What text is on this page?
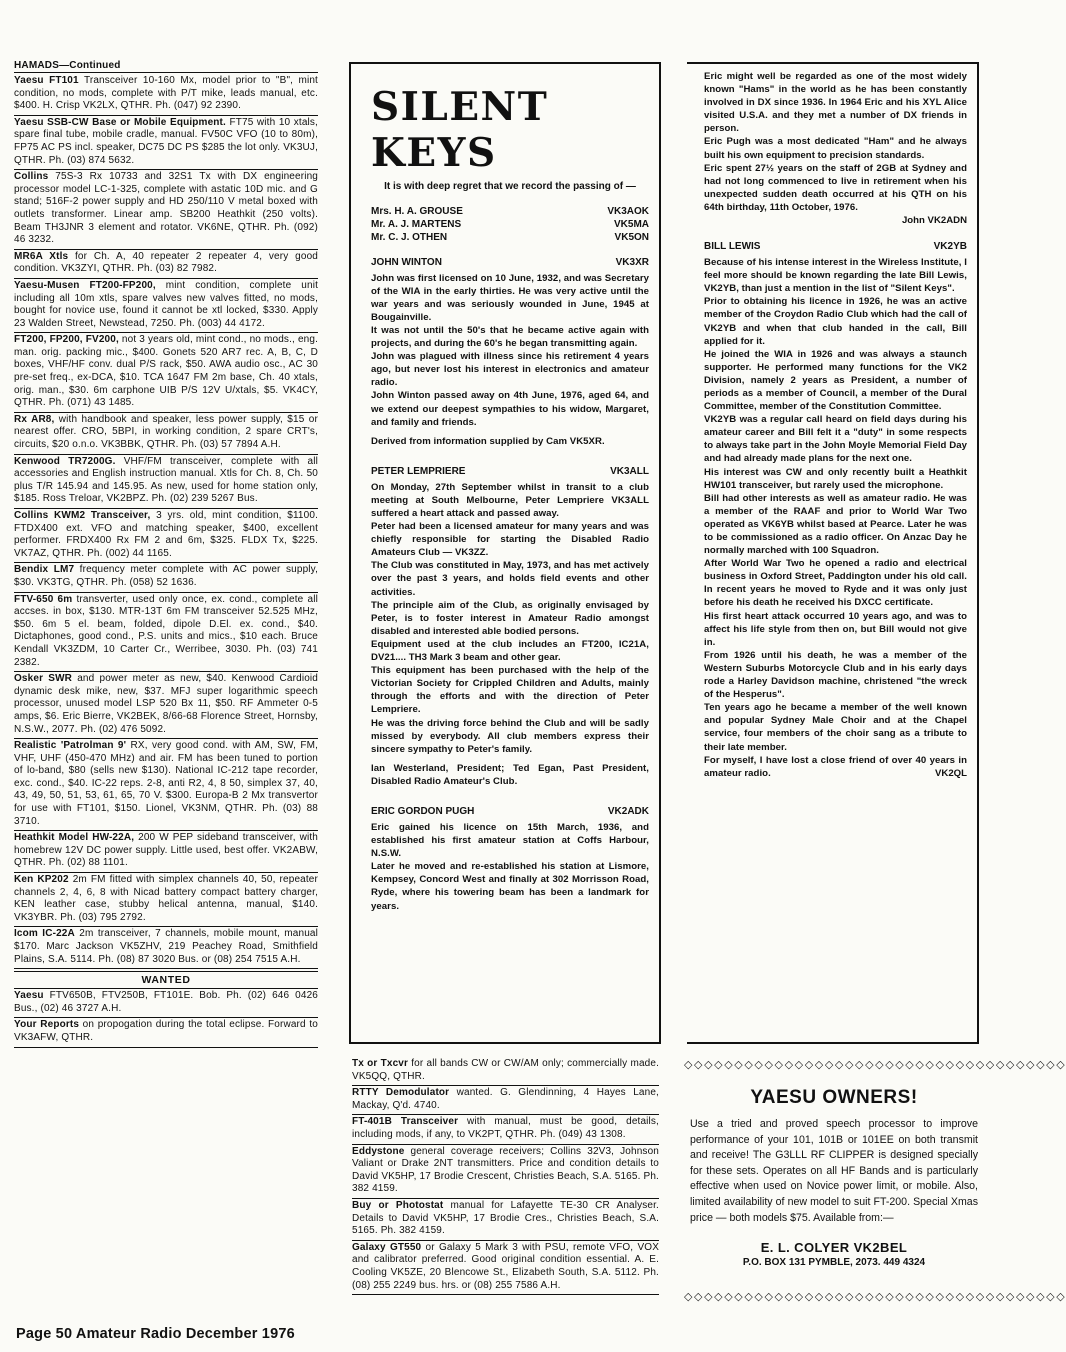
HAMADS—Continued
Yaesu FT101 Transceiver 10-160 Mx, model prior to "B", mint condition, no mods, complete with P/T mike, leads manual, etc. $400. H. Crisp VK2LX, QTHR. Ph. (047) 92 2390.
Yaesu SSB-CW Base or Mobile Equipment. FT75 with 10 xtals, spare final tube, mobile cradle, manual. FV50C VFO (10 to 80m), FP75 AC PS incl. speaker, DC75 DC PS $285 the lot only. VK3UJ, QTHR. Ph. (03) 874 5632.
Collins 75S-3 Rx 10733 and 32S1 Tx with DX engineering processor model LC-1-325, complete with astatic 10D mic. and G stand; 516F-2 power supply and HD 250/110 V metal boxed with outlets transformer. Linear amp. SB200 Heathkit (250 volts). Beam TH3JNR 3 element and rotator. VK6NE, QTHR. Ph. (092) 46 3232.
MR6A Xtls for Ch. A, 40 repeater 2 repeater 4, very good condition. VK3ZYI, QTHR. Ph. (03) 82 7982.
Yaesu-Musen FT200-FP200, mint condition, complete unit including all 10m xtls, spare valves new valves fitted, no mods, bought for novice use, found it cannot be xtl locked, $330. Apply 23 Walden Street, Newstead, 7250. Ph. (003) 44 4172.
FT200, FP200, FV200, not 3 years old, mint cond., no mods., eng. man. orig. packing mic., $400. Gonets 520 AR7 rec. A, B, C, D boxes, VHF/HF conv. dual P/S rack, $50. AWA audio osc., AC 30 pre-set freq., ex-DCA, $10. TCA 1647 FM 2m base, Ch. 40 xtals, orig. man., $30. 6m carphone UIB P/S 12V U/xtals, $5. VK4CY, QTHR. Ph. (071) 43 1485.
Rx AR8, with handbook and speaker, less power supply, $15 or nearest offer. CRO, 5BPI, in working condition, 2 spare CRT's, circuits, $20 o.n.o. VK3BBK, QTHR. Ph. (03) 57 7894 A.H.
Kenwood TR7200G. VHF/FM transceiver, complete with all accessories and English instruction manual. Xtls for Ch. 8, Ch. 50 plus T/R 145.94 and 145.95. As new, used for home station only, $185. Ross Treloar, VK2BPZ. Ph. (02) 239 5267 Bus.
Collins KWM2 Transceiver, 3 yrs. old, mint condition, $1100. FTDX400 ext. VFO and matching speaker, $400, excellent performer. FRDX400 Rx FM 2 and 6m, $325. FLDX Tx, $225. VK7AZ, QTHR. Ph. (002) 44 1165.
Bendix LM7 frequency meter complete with AC power supply, $30. VK3TG, QTHR. Ph. (058) 52 1636.
FTV-650 6m transverter, used only once, ex. cond., complete all accses. in box, $130. MTR-13T 6m FM transceiver 52.525 MHz, $50. 6m 5 el. beam, folded, dipole D.El. ex. cond., $40. Dictaphones, good cond., P.S. units and mics., $10 each. Bruce Kendall VK3ZDM, 10 Carter Cr., Werribee, 3030. Ph. (03) 741 2382.
Osker SWR and power meter as new, $40. Kenwood Cardioid dynamic desk mike, new, $37. MFJ super logarithmic speech processor, unused model LSP 520 Bx 11, $50. RF Ammeter 0-5 amps, $6. Eric Bierre, VK2BEK, 8/66-68 Florence Street, Hornsby, N.S.W., 2077. Ph. (02) 476 5092.
Realistic 'Patrolman 9' RX, very good cond. with AM, SW, FM, VHF, UHF (450-470 MHz) and air. FM has been tuned to portion of lo-band, $80 (sells new $130). National IC-212 tape recorder, exc. cond., $40. IC-22 reps. 2-8, anti R2, 4, 8 50, simplex 37, 40, 43, 49, 50, 51, 53, 61, 65, 70 V. $300. Europa-B 2 Mx transvertor for use with FT101, $150. Lionel, VK3NM, QTHR. Ph. (03) 88 3710.
Heathkit Model HW-22A, 200 W PEP sideband transceiver, with homebrew 12V DC power supply. Little used, best offer. VK2ABW, QTHR. Ph. (02) 88 1101.
Ken KP202 2m FM fitted with simplex channels 40, 50, repeater channels 2, 4, 6, 8 with Nicad battery compact battery charger, KEN leather case, stubby helical antenna, manual, $140. VK3YBR. Ph. (03) 795 2792.
Icom IC-22A 2m transceiver, 7 channels, mobile mount, manual $170. Marc Jackson VK5ZHV, 219 Peachey Road, Smithfield Plains, S.A. 5114. Ph. (08) 87 3020 Bus. or (08) 254 7515 A.H.
WANTED
Yaesu FTV650B, FTV250B, FT101E. Bob. Ph. (02) 646 0426 Bus., (02) 46 3727 A.H.
Your Reports on propogation during the total eclipse. Forward to VK3AFW, QTHR.
SILENT KEYS
It is with deep regret that we record the passing of —
Mrs. H. A. GROUSE	VK3AOK
Mr. A. J. MARTENS	VK5MA
Mr. C. J. OTHEN	VK5ON
JOHN WINTON	VK3XR

John was first licensed on 10 June, 1932, and was Secretary of the WIA in the early thirties. He was very active until the war years and was seriously wounded in June, 1945 at Bougainville.

It was not until the 50's that he became active again with projects, and during the 60's he began transmitting again.

John was plagued with illness since his retirement 4 years ago, but never lost his interest in electronics and amateur radio.

John Winton passed away on 4th June, 1976, aged 64, and we extend our deepest sympathies to his widow, Margaret, and family and friends.

Derived from information supplied by Cam VK5XR.

PETER LEMPRIERE	VK3ALL

On Monday, 27th September whilst in transit to a club meeting at South Melbourne, Peter Lempriere VK3ALL suffered a heart attack and passed away.

Peter had been a licensed amateur for many years and was chiefly responsible for starting the Disabled Radio Amateurs Club — VK3ZZ.

The Club was constituted in May, 1973, and has met actively over the past 3 years, and holds field events and other activities.

The principle aim of the Club, as originally envisaged by Peter, is to foster interest in Amateur Radio amongst disabled and interested able bodied persons.

Equipment used at the club includes an FT200, IC21A, DV21.... TH3 Mark 3 beam and other gear.

This equipment has been purchased with the help of the Victorian Society for Crippled Children and Adults, mainly through the efforts and with the direction of Peter Lempriere.

He was the driving force behind the Club and will be sadly missed by everybody. All club members express their sincere sympathy to Peter's family.

Ian Westerland, President; Ted Egan, Past President, Disabled Radio Amateur's Club.

ERIC GORDON PUGH	VK2ADK

Eric gained his licence on 15th March, 1936, and established his first amateur station at Coffs Harbour, N.S.W.

Later he moved and re-established his station at Lismore, Kempsey, Concord West and finally at 302 Morrisson Road, Ryde, where his towering beam has been a landmark for years.

Eric might well be regarded as one of the most widely known "Hams" in the world as he has been constantly involved in DX since 1936. In 1964 Eric and his XYL Alice visited U.S.A. and they met a number of DX friends in person.

Eric Pugh was a most dedicated "Ham" and he always built his own equipment to precision standards.

Eric spent 27½ years on the staff of 2GB at Sydney and had not long commenced to live in retirement when his unexpected sudden death occurred at his QTH on his 64th birthday, 11th October, 1976.

John VK2ADN
BILL LEWIS	VK2YB

Because of his intense interest in the Wireless Institute, I feel more should be known regarding the late Bill Lewis, VK2YB, than just a mention in the list of "Silent Keys".

Prior to obtaining his licence in 1926, he was an active member of the Croydon Radio Club which had the call of VK2YB and when that club handed in the call, Bill applied for it.

He joined the WIA in 1926 and was always a staunch supporter. He performed many functions for the VK2 Division, namely 2 years as President, a number of periods as a member of Council, a member of the Dural Committee, member of the Constitution Committee.

VK2YB was a regular call heard on field days during his amateur career and Bill felt it a "duty" in some respects to always take part in the John Moyle Memorial Field Day and had already made plans for the next one.

His interest was CW and only recently built a Heathkit HW101 transceiver, but rarely used the microphone.

Bill had other interests as well as amateur radio. He was a member of the RAAF and prior to World War Two operated as VK6YB whilst based at Pearce. Later he was to be commissioned as a radio officer. On Anzac Day he normally marched with 100 Squadron.

After World War Two he opened a radio and electrical business in Oxford Street, Paddington under his old call. In recent years he moved to Ryde and it was only just before his death he received his DXCC certificate.

His first heart attack occurred 10 years ago, and was to affect his life style from then on, but Bill would not give in.

From 1926 until his death, he was a member of the Western Suburbs Motorcycle Club and in his early days rode a Harley Davidson machine, christened "the wreck of the Hesperus".

Ten years ago he became a member of the well known and popular Sydney Male Choir and at the Chapel service, four members of the choir sang as a tribute to their late member.

For myself, I have lost a close friend of over 40 years in amateur radio.	VK2QL
Tx or Txcvr for all bands CW or CW/AM only; commercially made. VK5QQ, QTHR.
RTTY Demodulator wanted. G. Glendinning, 4 Hayes Lane, Mackay, Q'd. 4740.
FT-401B Transceiver with manual, must be good, details, including mods, if any, to VK2PT, QTHR. Ph. (049) 43 1308.
Eddystone general coverage receivers; Collins 32V3, Johnson Valiant or Drake 2NT transmitters. Price and condition details to David VK5HP, 17 Brodie Crescent, Christies Beach, S.A. 5165. Ph. 382 4159.
Buy or Photostat manual for Lafayette TE-30 CR Analyser. Details to David VK5HP, 17 Brodie Cres., Christies Beach, S.A. 5165. Ph. 382 4159.
Galaxy GT550 or Galaxy 5 Mark 3 with PSU, remote VFO, VOX and calibrator preferred. Good original condition essential. A. E. Cooling VK5ZE, 20 Blencowe St., Elizabeth South, S.A. 5112. Ph. (08) 255 2249 bus. hrs. or (08) 255 7586 A.H.
◇◇◇◇◇◇◇◇◇◇◇◇◇◇◇◇◇◇◇◇◇◇◇◇◇◇◇◇◇◇◇◇◇◇◇◇◇◇
YAESU OWNERS!
Use a tried and proved speech processor to improve performance of your 101, 101B or 101EE on both transmit and receive! The G3LLL RF CLIPPER is designed specially for these sets. Operates on all HF Bands and is particularly effective when used on Novice power limit, or mobile. Also, limited availability of new model to suit FT-200. Special Xmas price — both models $75. Available from:—
E. L. COLYER VK2BEL
P.O. BOX 131 PYMBLE, 2073. 449 4324
◇◇◇◇◇◇◇◇◇◇◇◇◇◇◇◇◇◇◇◇◇◇◇◇◇◇◇◇◇◇◇◇◇◇◇◇◇◇
Page 50 Amateur Radio December 1976
